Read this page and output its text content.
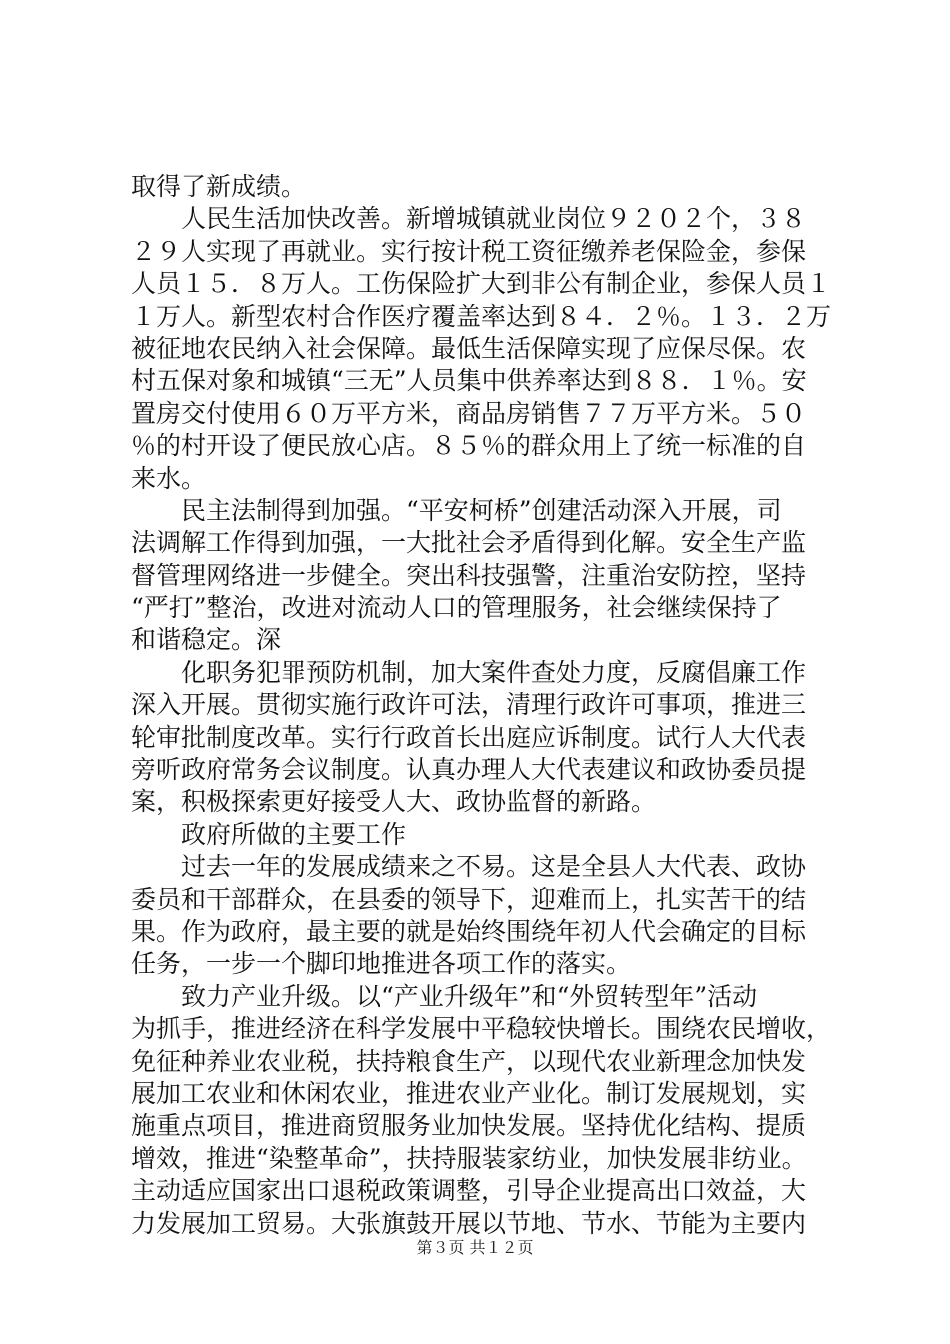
取得了新成绩。
　　人民生活加快改善。新增城镇就业岗位９２０２个，３８
２９人实现了再就业。实行按计税工资征缴养老保险金，参保
人员１５．８万人。工伤保险扩大到非公有制企业，参保人员１
１万人。新型农村合作医疗覆盖率达到８４．２％。１３．２万
被征地农民纳入社会保障。最低生活保障实现了应保尽保。农
村五保对象和城镇“三无”人员集中供养率达到８８．１％。安
置房交付使用６０万平方米，商品房销售７７万平方米。５０
％的村开设了便民放心店。８５％的群众用上了统一标准的自
来水。
　　民主法制得到加强。“平安柯桥”创建活动深入开展，司
法调解工作得到加强，一大批社会矛盾得到化解。安全生产监
督管理网络进一步健全。突出科技强警，注重治安防控，坚持
“严打”整治，改进对流动人口的管理服务，社会继续保持了
和谐稳定。深
　　化职务犯罪预防机制，加大案件查处力度，反腐倡廉工作
深入开展。贯彻实施行政许可法，清理行政许可事项，推进三
轮审批制度改革。实行行政首长出庭应诉制度。试行人大代表
旁听政府常务会议制度。认真办理人大代表建议和政协委员提
案，积极探索更好接受人大、政协监督的新路。
　　政府所做的主要工作
　　过去一年的发展成绩来之不易。这是全县人大代表、政协
委员和干部群众，在县委的领导下，迎难而上，扎实苦干的结
果。作为政府，最主要的就是始终围绕年初人代会确定的目标
任务，一步一个脚印地推进各项工作的落实。
　　致力产业升级。以“产业升级年”和“外贸转型年”活动
为抓手，推进经济在科学发展中平稳较快增长。围绕农民增收，
免征种养业农业税，扶持粮食生产，以现代农业新理念加快发
展加工农业和休闲农业，推进农业产业化。制订发展规划，实
施重点项目，推进商贸服务业加快发展。坚持优化结构、提质
增效，推进“染整革命”，扶持服装家纺业，加快发展非纺业。
主动适应国家出口退税政策调整，引导企业提高出口效益，大
力发展加工贸易。大张旗鼓开展以节地、节水、节能为主要内
第３页 共１２页
